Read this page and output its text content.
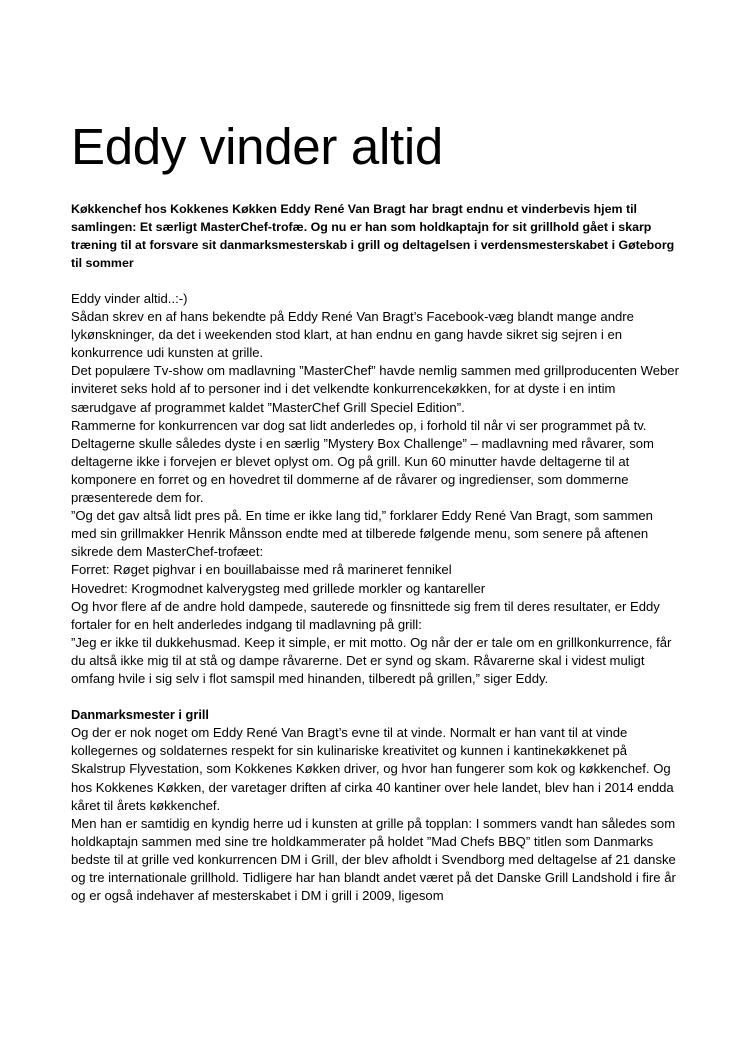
Eddy vinder altid

Køkkenchef hos Kokkenes Køkken Eddy René Van Bragt har bragt endnu et vinderbevis hjem til samlingen: Et særligt MasterChef-trofæ. Og nu er han som holdkaptajn for sit grillhold gået i skarp træning til at forsvare sit danmarksmesterskab i grill og deltagelsen i verdensmesterskabet i Gøteborg til sommer

Eddy vinder altid..:-)

Sådan skrev en af hans bekendte på Eddy René Van Bragt’s Facebook-væg blandt mange andre lykønskninger, da det i weekenden stod klart, at han endnu en gang havde sikret sig sejren i en konkurrence udi kunsten at grille.

Det populære Tv-show om madlavning ”MasterChef” havde nemlig sammen med grillproducenten Weber inviteret seks hold af to personer ind i det velkendte konkurrencekøkken, for at dyste i en intim særudgave af programmet kaldet ”MasterChef Grill Speciel Edition”.

Rammerne for konkurrencen var dog sat lidt anderledes op, i forhold til når vi ser programmet på tv. Deltagerne skulle således dyste i en særlig ”Mystery Box Challenge” – madlavning med råvarer, som deltagerne ikke i forvejen er blevet oplyst om. Og på grill. Kun 60 minutter havde deltagerne til at komponere en forret og en hovedret til dommerne af de råvarer og ingredienser, som dommerne præsenterede dem for.

”Og det gav altså lidt pres på. En time er ikke lang tid,” forklarer Eddy René Van Bragt, som sammen med sin grillmakker Henrik Månsson endte med at tilberede følgende menu, som senere på aftenen sikrede dem MasterChef-trofæet:

Forret: Røget pighvar i en bouillabaisse med rå marineret fennikel

Hovedret: Krogmodnet kalverygsteg med grillede morkler og kantareller

Og hvor flere af de andre hold dampede, sauterede og finsnittede sig frem til deres resultater, er Eddy fortaler for en helt anderledes indgang til madlavning på grill:

”Jeg er ikke til dukkehusmad. Keep it simple, er mit motto. Og når der er tale om en grillkonkurrence, får du altså ikke mig til at stå og dampe råvarerne. Det er synd og skam. Råvarerne skal i videst muligt omfang hvile i sig selv i flot samspil med hinanden, tilberedt på grillen,” siger Eddy.

Danmarksmester i grill

Og der er nok noget om Eddy René Van Bragt’s evne til at vinde. Normalt er han vant til at vinde kollegernes og soldaternes respekt for sin kulinariske kreativitet og kunnen i kantinekøkkenet på Skalstrup Flyvestation, som Kokkenes Køkken driver, og hvor han fungerer som kok og køkkenchef. Og hos Kokkenes Køkken, der varetager driften af cirka 40 kantiner over hele landet, blev han i 2014 endda kåret til årets køkkenchef.

Men han er samtidig en kyndig herre ud i kunsten at grille på topplan: I sommers vandt han således som holdkaptajn sammen med sine tre holdkammerater på holdet ”Mad Chefs BBQ” titlen som Danmarks bedste til at grille ved konkurrencen DM i Grill, der blev afholdt i Svendborg med deltagelse af 21 danske og tre internationale grillhold. Tidligere har han blandt andet været på det Danske Grill Landshold i fire år og er også indehaver af mesterskabet i DM i grill i 2009, ligesom
